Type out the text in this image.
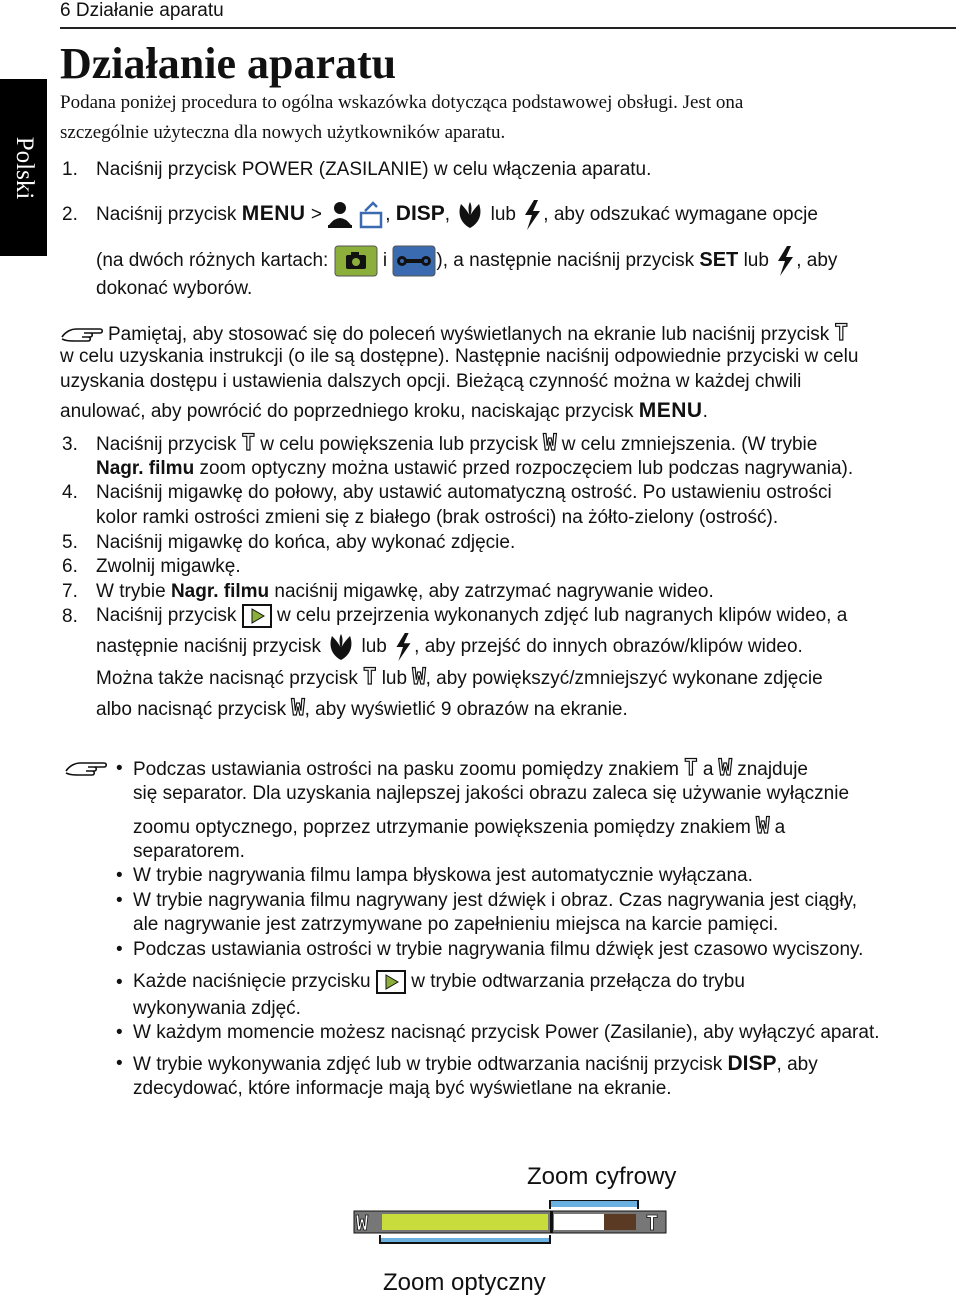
6 Działanie aparatu
Polski
Działanie aparatu
Podana poniżej procedura to ogólna wskazówka dotycząca podstawowej obsługi. Jest ona
szczególnie użyteczna dla nowych użytkowników aparatu.
1. Naciśnij przycisk POWER (ZASILANIE) w celu włączenia aparatu.
2. Naciśnij przycisk MENU >	, DISP, lub , aby odszukać wymagane opcje
(na dwóch różnych kartach:	i	), a następnie naciśnij przycisk SET lub , aby
dokonać wyborów.
Pamiętaj, aby stosować się do poleceń wyświetlanych na ekranie lub naciśnij przycisk T
w celu uzyskania instrukcji (o ile są dostępne). Następnie naciśnij odpowiednie przyciski w celu
uzyskania dostępu i ustawienia dalszych opcji. Bieżącą czynność można w każdej chwili
anulować, aby powrócić do poprzedniego kroku, naciskając przycisk MENU.
3. Naciśnij przycisk T w celu powiększenia lub przycisk W w celu zmniejszenia. (W trybie
Nagr. filmu zoom optyczny można ustawić przed rozpoczęciem lub podczas nagrywania).
4. Naciśnij migawkę do połowy, aby ustawić automatyczną ostrość. Po ustawieniu ostrości
kolor ramki ostrości zmieni się z białego (brak ostrości) na żółto-zielony (ostrość).
5. Naciśnij migawkę do końca, aby wykonać zdjęcie.
6. Zwolnij migawkę.
7. W trybie Nagr. filmu naciśnij migawkę, aby zatrzymać nagrywanie wideo.
8. Naciśnij przycisk w celu przejrzenia wykonanych zdjęć lub nagranych klipów wideo, a
następnie naciśnij przycisk lub , aby przejść do innych obrazów/klipów wideo.
Można także nacisnąć przycisk T lub W, aby powiększyć/zmniejszyć wykonane zdjęcie
albo nacisnąć przycisk W, aby wyświetlić 9 obrazów na ekranie.
• Podczas ustawiania ostrości na pasku zoomu pomiędzy znakiem T a W znajduje
się separator. Dla uzyskania najlepszej jakości obrazu zaleca się używanie wyłącznie
zoomu optycznego, poprzez utrzymanie powiększenia pomiędzy znakiem W a
separatorem.
• W trybie nagrywania filmu lampa błyskowa jest automatycznie wyłączana.
• W trybie nagrywania filmu nagrywany jest dźwięk i obraz. Czas nagrywania jest ciągły,
ale nagrywanie jest zatrzymywane po zapełnieniu miejsca na karcie pamięci.
• Podczas ustawiania ostrości w trybie nagrywania filmu dźwięk jest czasowo wyciszony.
• Każde naciśnięcie przycisku w trybie odtwarzania przełącza do trybu
wykonywania zdjęć.
• W każdym momencie możesz nacisnąć przycisk Power (Zasilanie), aby wyłączyć aparat.
• W trybie wykonywania zdjęć lub w trybie odtwarzania naciśnij przycisk DISP, aby
zdecydować, które informacje mają być wyświetlane na ekranie.
Zoom cyfrowy
W	T
Zoom optyczny
